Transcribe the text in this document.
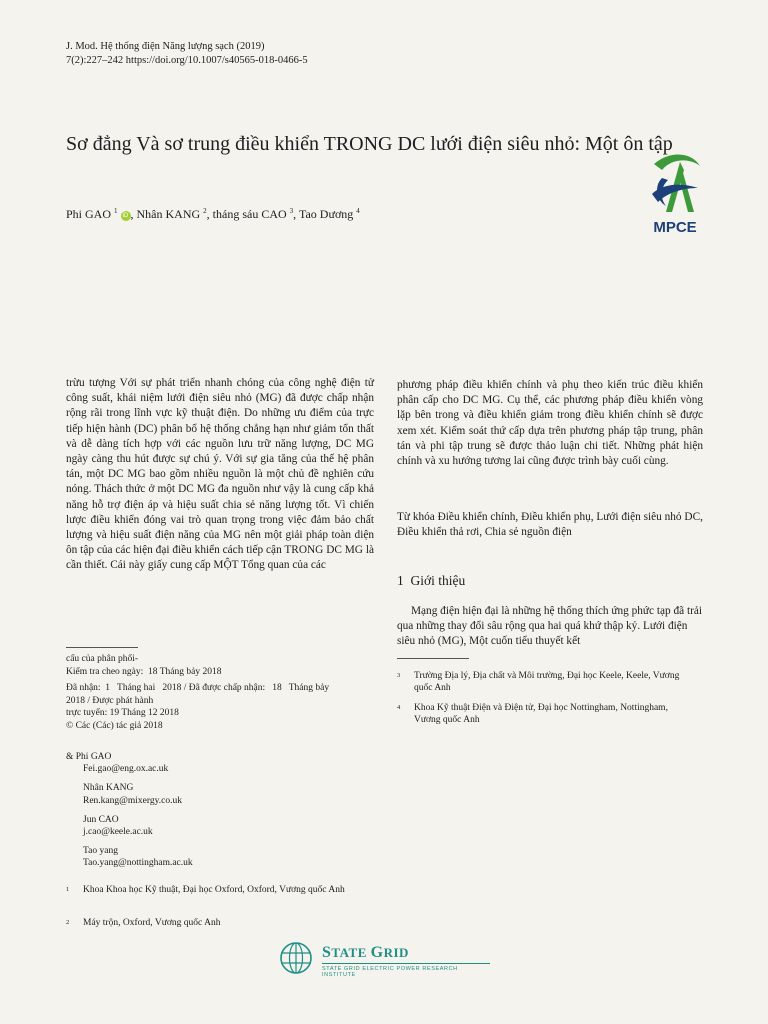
J. Mod. Hệ thống điện Năng lượng sạch (2019)
7(2):227–242 https://doi.org/10.1007/s40565-018-0466-5
Sơ đẳng Và sơ trung điều khiển TRONG DC lưới điện siêu nhỏ: Một ôn tập
Phi GAO $^1$ iD , Nhân KANG $^2$, tháng sáu CAO $^3$, Tao Dương $^4$
MPCE
trừu tượng Với sự phát triển nhanh chóng của công nghệ điện tử công suất, khái niệm lưới điện siêu nhỏ (MG) đã được chấp nhận rộng rãi trong lĩnh vực kỹ thuật điện. Do những ưu điểm của trực tiếp hiện hành (DC) phân bổ hệ thống chẳng hạn như giảm tổn thất và dễ dàng tích hợp với các nguồn lưu trữ năng lượng, DC MG ngày càng thu hút được sự chú ý. Với sự gia tăng của thế hệ phân tán, một DC MG bao gồm nhiều nguồn là một chủ đề nghiên cứu nóng. Thách thức ở một DC MG đa nguồn như vậy là cung cấp khả năng hỗ trợ điện áp và hiệu suất chia sẻ năng lượng tốt. Vì chiến lược điều khiển đóng vai trò quan trọng trong việc đảm bảo chất lượng và hiệu suất điện năng của MG nên một giải pháp toàn diện ôn tập của các hiện đại điều khiển cách tiếp cận TRONG DC MG là cần thiết. Cái này giấy cung cấp MỘT Tổng quan của các
phương pháp điều khiển chính và phụ theo kiến trúc điều khiển phân cấp cho DC MG. Cụ thể, các phương pháp điều khiển vòng lặp bên trong và điều khiển giảm trong điều khiển chính sẽ được xem xét. Kiểm soát thứ cấp dựa trên phương pháp tập trung, phân tán và phi tập trung sẽ được thảo luận chi tiết. Những phát hiện chính và xu hướng tương lai cũng được trình bày cuối cùng.
Từ khóa Điều khiển chính, Điều khiển phụ, Lưới điện siêu nhỏ DC, Điều khiển thả rơi, Chia sẻ nguồn điện
1 Giới thiệu
Mạng điện hiện đại là những hệ thống thích ứng phức tạp đã trải qua những thay đổi sâu rộng qua hai quá khứ thập kỷ. Lưới điện siêu nhỏ (MG), Một cuốn tiểu thuyết kết
cấu của phân phối-
Kiểm tra cheo ngày:  18 Tháng bảy 2018
Đã nhận:  1   Tháng hai   2018 / Đã được chấp nhận:   18   Tháng bảy
2018 / Được phát hành
trực tuyến: 19 Tháng 12 2018
© Các (Các) tác giả 2018
& Phi GAO
Fei.gao@eng.ox.ac.uk
Nhân KANG
Ren.kang@mixergy.co.uk
Jun CAO
j.cao@keele.ac.uk
Tao yang
Tao.yang@nottingham.ac.uk
1 Khoa Khoa học Kỹ thuật, Đại học Oxford, Oxford, Vương quốc Anh
2 Máy trộn, Oxford, Vương quốc Anh
3 Trường Địa lý, Địa chất và Môi trường, Đại học Keele, Keele, Vương quốc Anh
4 Khoa Kỹ thuật Điện và Điện tử, Đại học Nottingham, Nottingham, Vương quốc Anh
STATE GRID
STATE GRID ELECTRIC POWER RESEARCH INSTITUTE
